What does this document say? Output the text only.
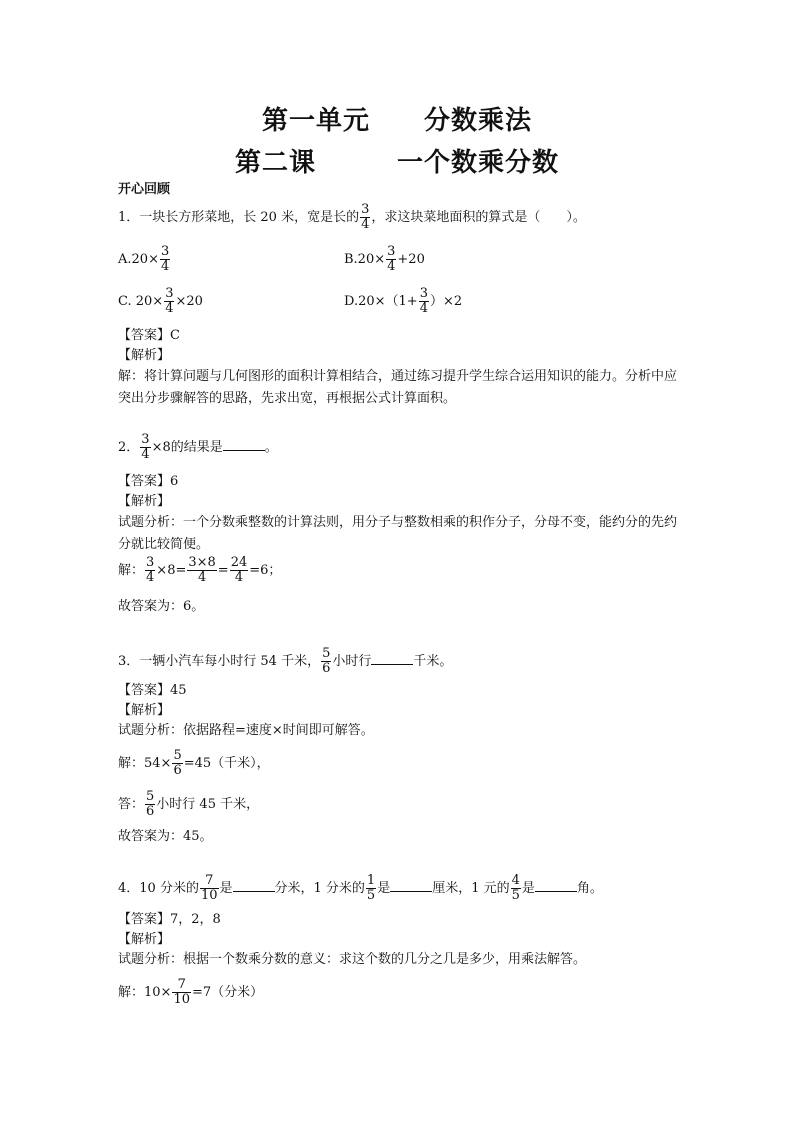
第一单元　　分数乘法
第二课　　　一个数乘分数
开心回顾
1．一块长方形菜地，长 20 米，宽是长的 $\frac{3}{4}$ ，求这块菜地面积的算式是（　　）。
$A.20\times \frac{3}{4}$	$B.20\times \frac{3}{4} +20$
C. $20\times \frac{3}{4} \times 20$	$D.20\times(1+ \frac{3}{4} )\times 2$
【答案】C
【解析】
解：将计算问题与几何图形的面积计算相结合，通过练习提升学生综合运用知识的能力。分析中应突出分步骤解答的思路，先求出宽，再根据公式计算面积。
2． $\frac{3}{4} \times 8$的结果是	。
【答案】6
【解析】
试题分析：一个分数乘整数的计算法则，用分子与整数相乘的积作分子，分母不变，能约分的先约分就比较简便。
解： $\frac{3}{4} \times 8= \frac{3\times 8}{4} = \frac{24}{4} =6$；
故答案为：6。
3．一辆小汽车每小时行 54 千米， $\frac{5}{6}$ 小时行	千米。
【答案】45
【解析】
试题分析：依据路程=速度×时间即可解答。
解：$54\times \frac{5}{6} =45$（千米），
答： $\frac{5}{6}$ 小时行 45 千米，
故答案为：45。
4．10 分米的 $\frac{7}{10}$ 是	分米，1 分米的 $\frac{1}{5}$ 是	厘米，1 元的 $\frac{4}{5}$ 是	角。
【答案】7，2，8
【解析】
试题分析：根据一个数乘分数的意义：求这个数的几分之几是多少，用乘法解答。
解：$10\times \frac{7}{10} =7$（分米）
